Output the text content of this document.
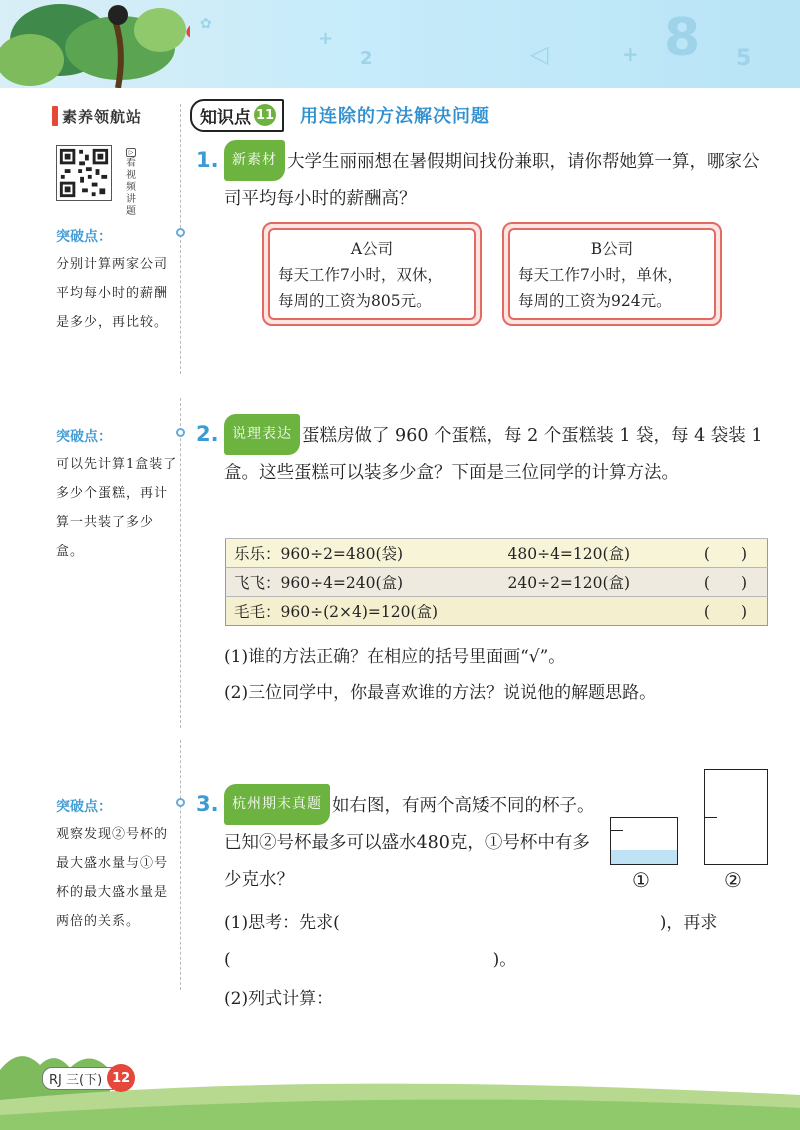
✿
+
2	◁	+ 8 5
素养领航站
▷
看
视
频
讲
题
突破点：
分别计算两家公司平均每小时的薪酬是多少，再比较。
突破点：
可以先计算1盒装了多少个蛋糕，再计算一共装了多少盒。
突破点：
观察发现②号杯的最大盛水量与①号杯的最大盛水量是两倍的关系。
知识点 11 用连除的方法解决问题
1. 新素材 大学生丽丽想在暑假期间找份兼职，请你帮她算一算，哪家公司平均每小时的薪酬高？
A公司
每天工作7小时，双休，
每周的工资为805元。
B公司
每天工作7小时，单休，
每周的工资为924元。
2. 说理表达 蛋糕房做了 960 个蛋糕，每 2 个蛋糕装 1 袋，每 4 袋装 1 盒。这些蛋糕可以装多少盒？下面是三位同学的计算方法。
乐乐：960÷2=480(袋)	480÷4=120(盒)	(　　)
飞飞：960÷4=240(盒)	240÷2=120(盒)	(　　)
毛毛：960÷(2×4)=120(盒)		(　　)
(1)谁的方法正确？在相应的括号里面画“√”。
(2)三位同学中，你最喜欢谁的方法？说说他的解题思路。
3. 杭州期末真题 如右图，有两个高矮不同的杯子。已知②号杯最多可以盛水480克，①号杯中有多少克水？	①	②
(1)思考：先求(	)，再求
(	)。
(2)列式计算：
RJ 三(下) 12
